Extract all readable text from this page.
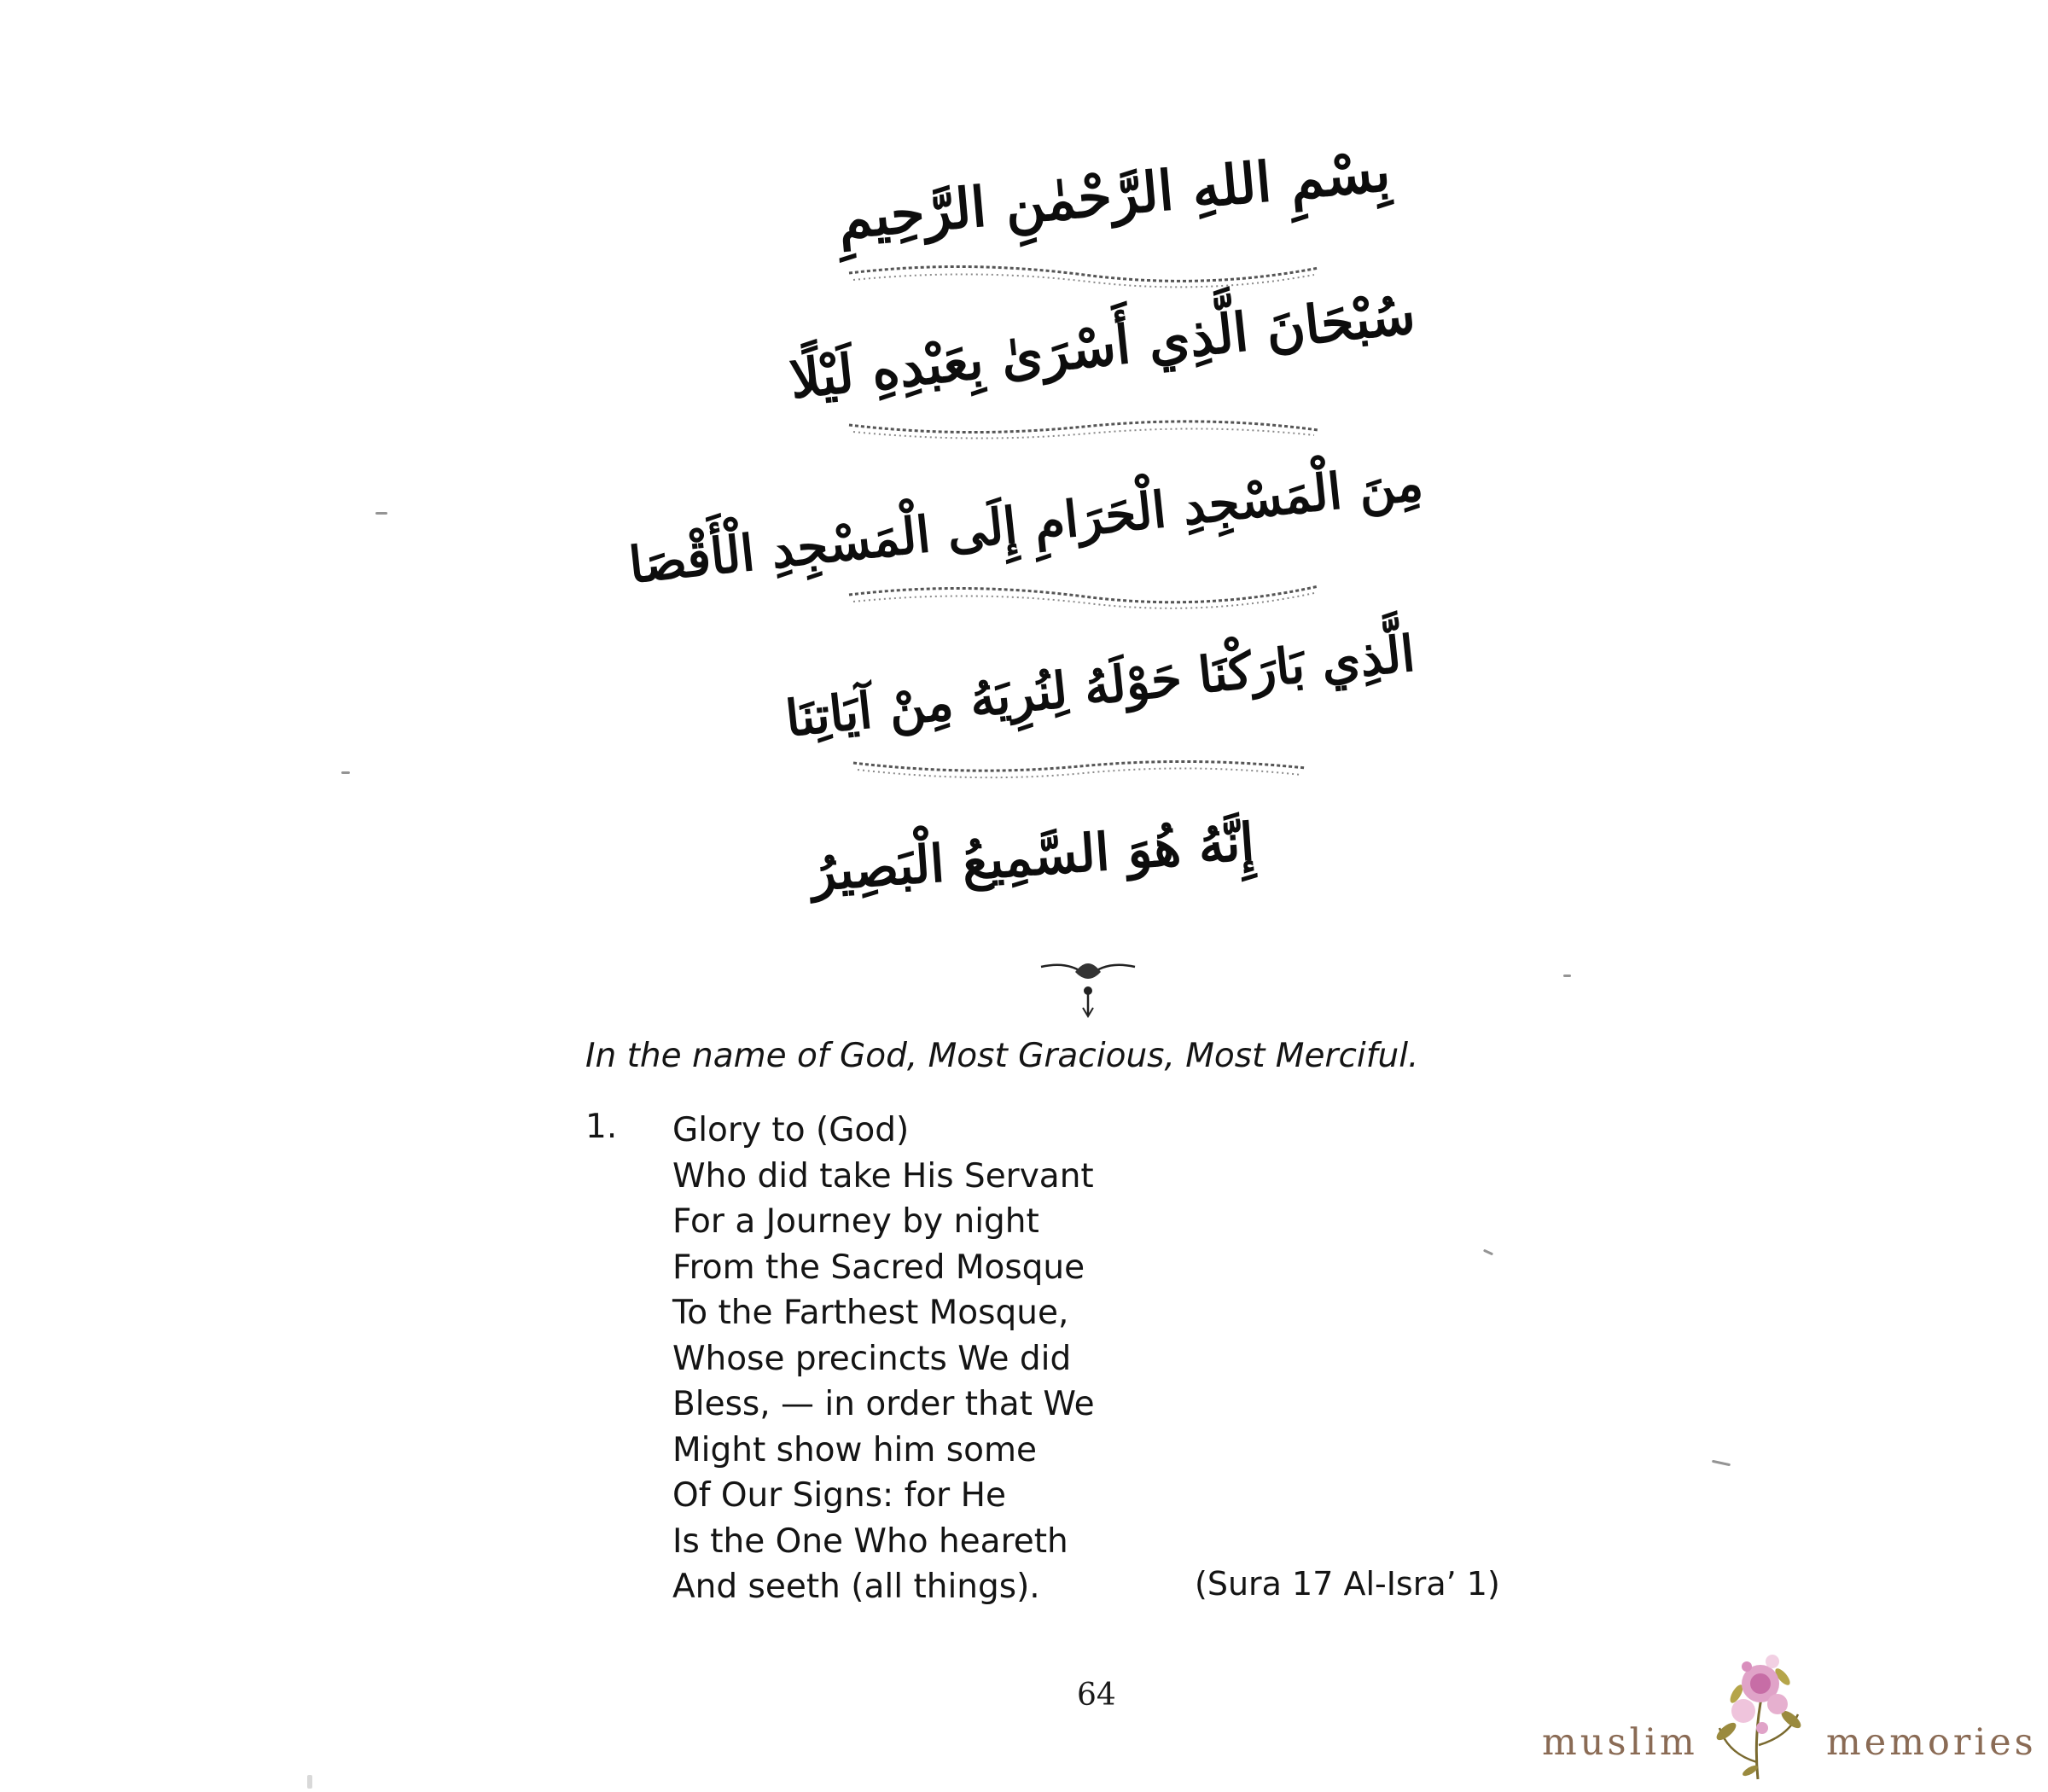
بِسْمِ اللهِ الرَّحْمٰنِ الرَّحِيمِ
سُبْحَانَ الَّذِي أَسْرَىٰ بِعَبْدِهِ لَيْلًا
مِنَ الْمَسْجِدِ الْحَرَامِ إِلَى الْمَسْجِدِ الْأَقْصَا
الَّذِي بَارَكْنَا حَوْلَهُ لِنُرِيَهُ مِنْ آيَاتِنَا
إِنَّهُ هُوَ السَّمِيعُ الْبَصِيرُ
In the name of God, Most Gracious, Most Merciful.
1. Glory to (God)
Who did take His Servant
For a Journey by night
From the Sacred Mosque
To the Farthest Mosque,
Whose precincts We did
Bless, — in order that We
Might show him some
Of Our Signs: for He
Is the One Who heareth
And seeth (all things).	(Sura 17 Al-Isra’ 1)
64
muslim	memories
